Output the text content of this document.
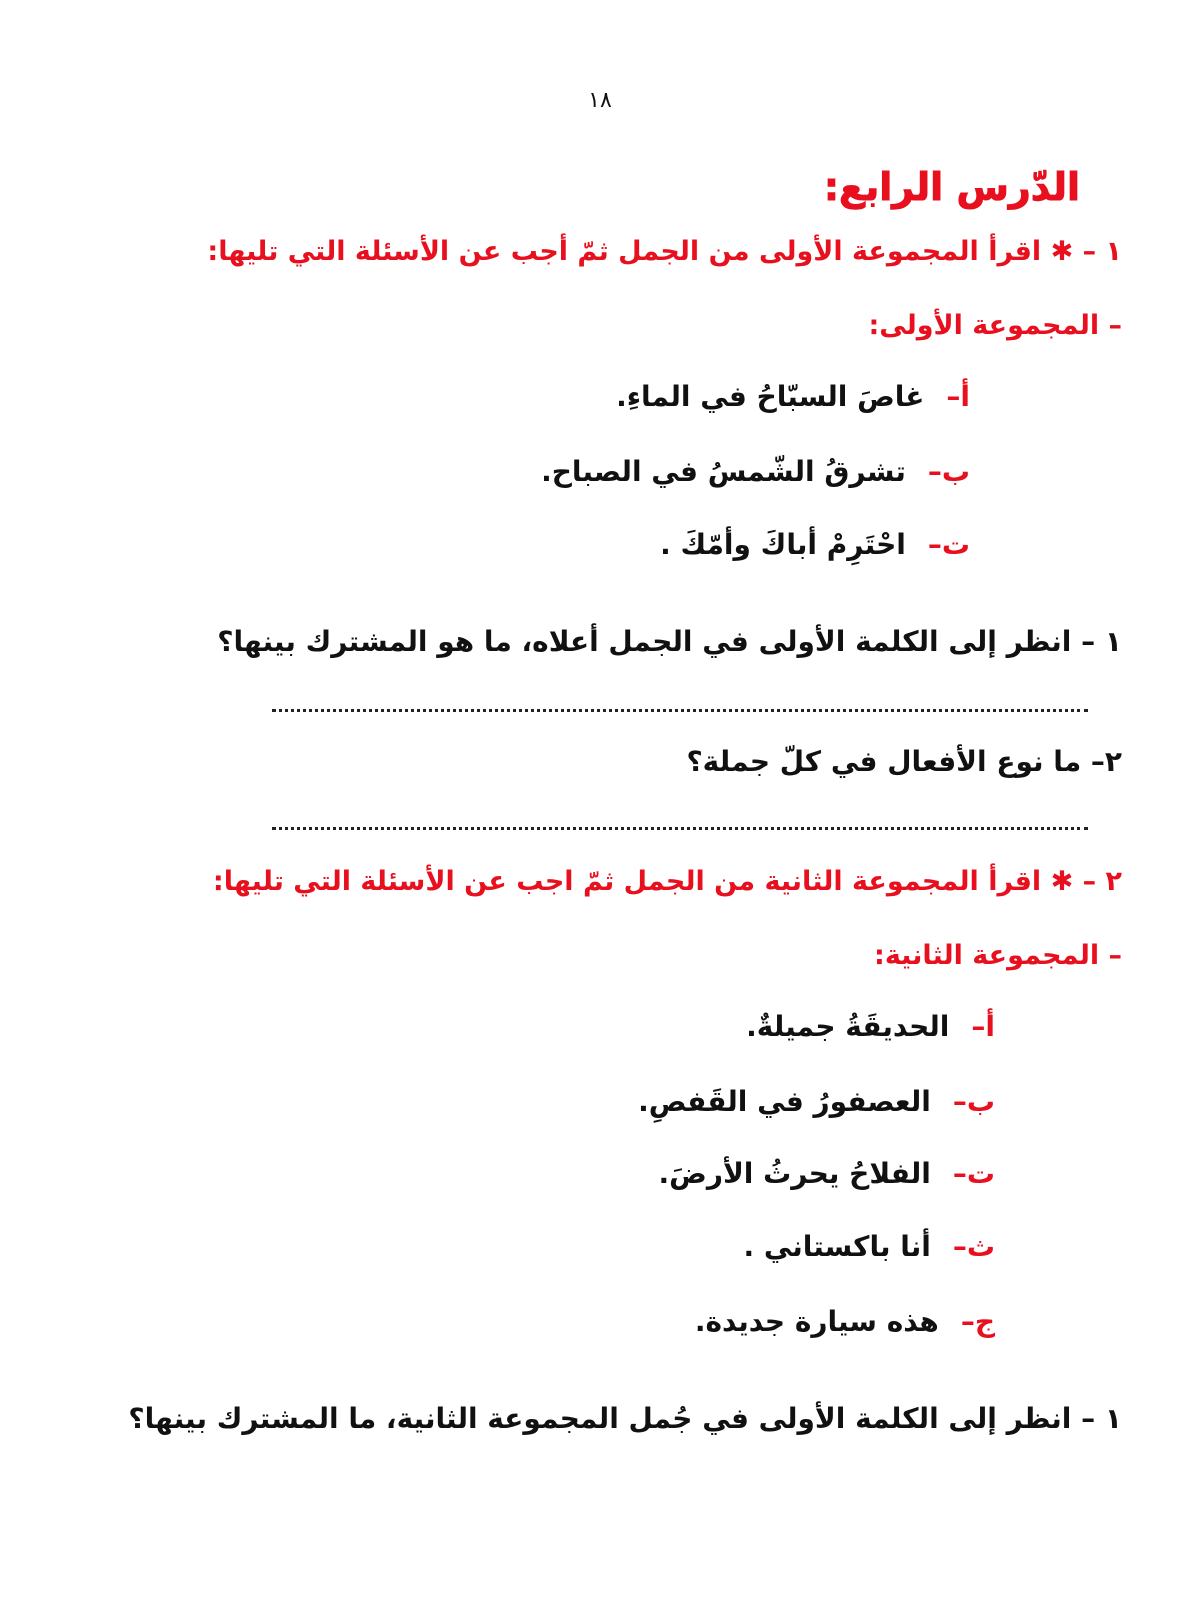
١٨
الدّرس الرابع:
١ – ✱ اقرأ المجموعة الأولى من الجمل ثمّ أجب عن الأسئلة التي تليها:
– المجموعة الأولى:
أ–غاصَ السبّاحُ في الماءِ.
ب–تشرقُ الشّمسُ في الصباح.
ت–احْتَرِمْ أباكَ وأمّكَ .
١ – انظر إلى الكلمة الأولى في الجمل أعلاه، ما هو المشترك بينها؟
٢– ما نوع الأفعال في كلّ جملة؟
٢ – ✱ اقرأ المجموعة الثانية من الجمل ثمّ اجب عن الأسئلة التي تليها:
– المجموعة الثانية:
أ–الحديقَةُ جميلةٌ.
ب–العصفورُ في القَفصِ.
ت–الفلاحُ يحرثُ الأرضَ.
ث–أنا باكستاني .
ج–هذه سيارة جديدة.
١ – انظر إلى الكلمة الأولى في جُمل المجموعة الثانية، ما المشترك بينها؟
